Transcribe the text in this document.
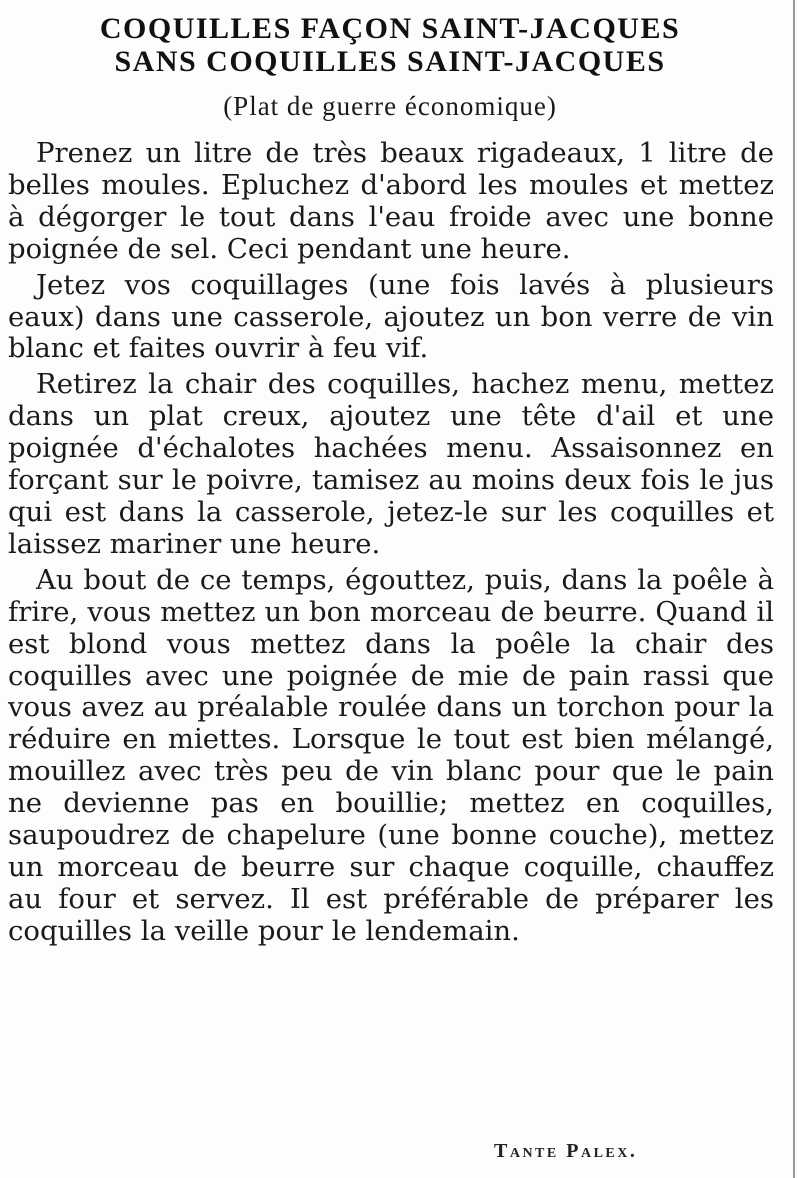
COQUILLES FAÇON SAINT-JACQUES
SANS COQUILLES SAINT-JACQUES
(Plat de guerre économique)

Prenez un litre de très beaux rigadeaux, 1 litre de belles moules. Epluchez d'abord les moules et mettez à dégorger le tout dans l'eau froide avec une bonne poignée de sel. Ceci pendant une heure.

Jetez vos coquillages (une fois lavés à plusieurs eaux) dans une casserole, ajoutez un bon verre de vin blanc et faites ouvrir à feu vif.

Retirez la chair des coquilles, hachez menu, mettez dans un plat creux, ajoutez une tête d'ail et une poignée d'échalotes hachées menu. Assaisonnez en forçant sur le poivre, tamisez au moins deux fois le jus qui est dans la casserole, jetez-le sur les coquilles et laissez mariner une heure.

Au bout de ce temps, égouttez, puis, dans la poêle à frire, vous mettez un bon morceau de beurre. Quand il est blond vous mettez dans la poêle la chair des coquilles avec une poignée de mie de pain rassi que vous avez au préalable roulée dans un torchon pour la réduire en miettes. Lorsque le tout est bien mélangé, mouillez avec très peu de vin blanc pour que le pain ne devienne pas en bouillie; mettez en coquilles, saupoudrez de chapelure (une bonne couche), mettez un morceau de beurre sur chaque coquille, chauffez au four et servez. Il est préférable de préparer les coquilles la veille pour le lendemain.

Tante Palex.
